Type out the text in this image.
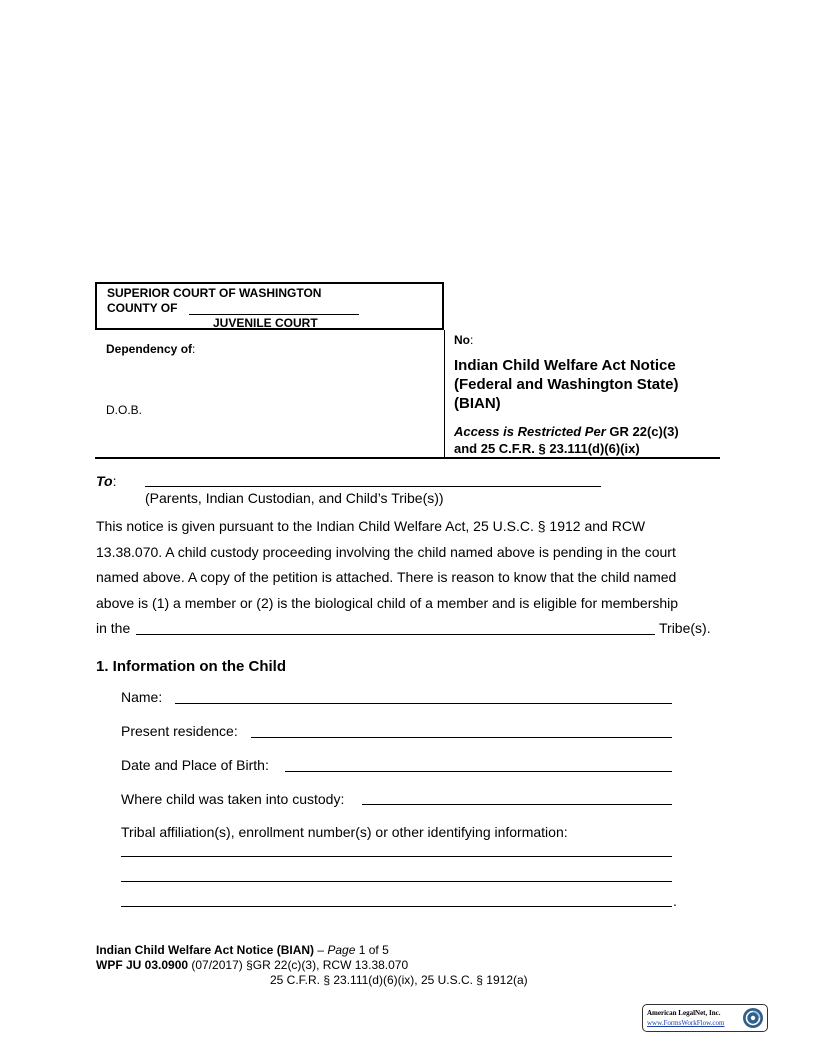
SUPERIOR COURT OF WASHINGTON
COUNTY OF
JUVENILE COURT
Dependency of:
D.O.B.
No:
Indian Child Welfare Act Notice
(Federal and Washington State)
(BIAN)
Access is Restricted Per GR 22(c)(3)
and 25 C.F.R. § 23.111(d)(6)(ix)
To:
(Parents, Indian Custodian, and Child’s Tribe(s))
This notice is given pursuant to the Indian Child Welfare Act, 25 U.S.C. § 1912 and RCW
13.38.070. A child custody proceeding involving the child named above is pending in the court
named above. A copy of the petition is attached. There is reason to know that the child named
above is (1) a member or (2) is the biological child of a member and is eligible for membership
in the	Tribe(s).
1. Information on the Child
Name:
Present residence:
Date and Place of Birth:
Where child was taken into custody:
Tribal affiliation(s), enrollment number(s) or other identifying information:
.
Indian Child Welfare Act Notice (BIAN) – Page 1 of 5
WPF JU 03.0900 (07/2017) §GR 22(c)(3), RCW 13.38.070
25 C.F.R. § 23.111(d)(6)(ix), 25 U.S.C. § 1912(a)
American LegalNet, Inc.
www.FormsWorkFlow.com
